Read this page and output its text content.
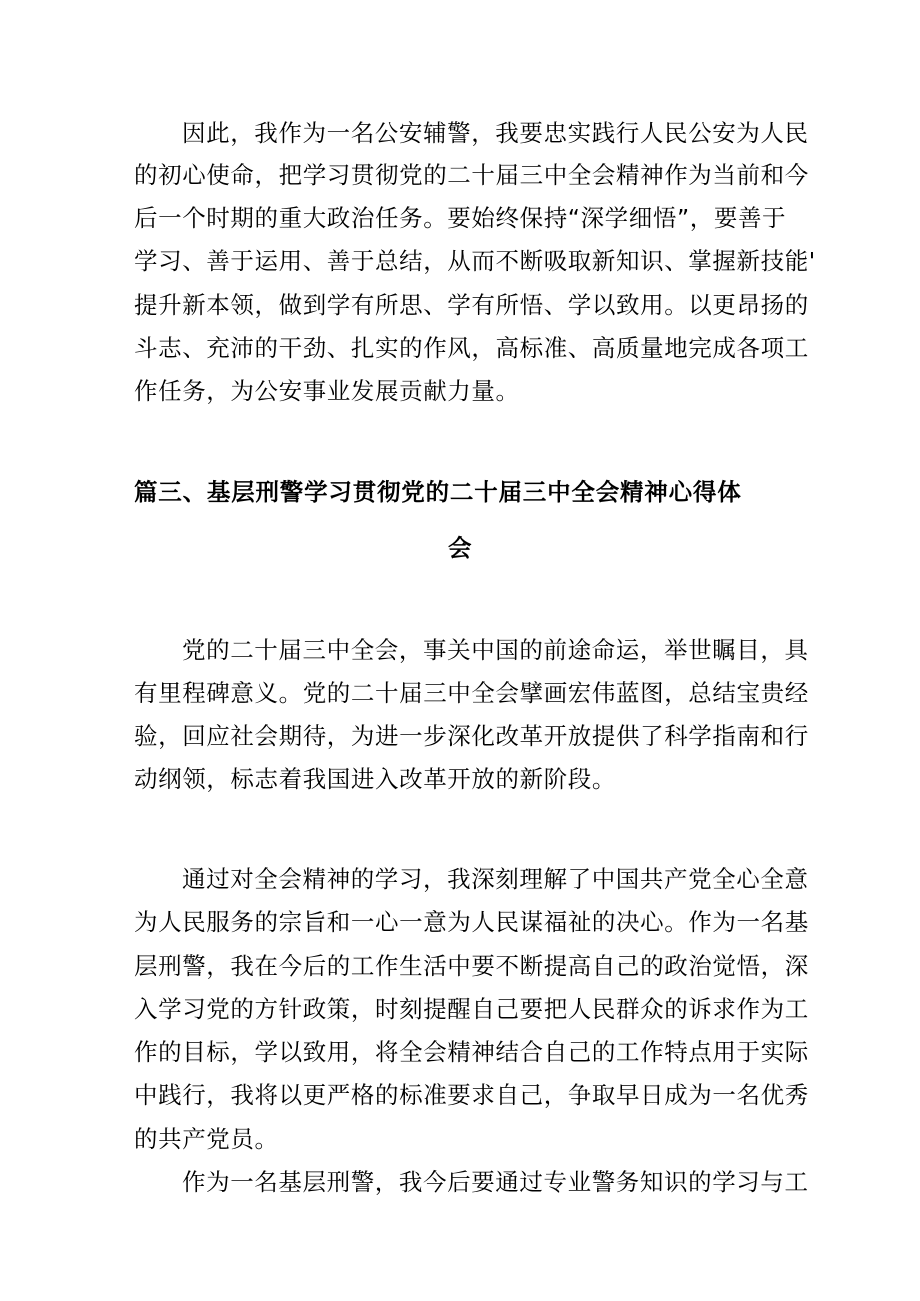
因此，我作为一名公安辅警，我要忠实践行人民公安为人民

的初心使命，把学习贯彻党的二十届三中全会精神作为当前和今

后一个时期的重大政治任务。要始终保持“深学细悟”，要善于

学习、善于运用、善于总结，从而不断吸取新知识、掌握新技能'

提升新本领，做到学有所思、学有所悟、学以致用。以更昂扬的

斗志、充沛的干劲、扎实的作风，高标准、高质量地完成各项工

作任务，为公安事业发展贡献力量。

篇三、基层刑警学习贯彻党的二十届三中全会精神心得体

会

党的二十届三中全会，事关中国的前途命运，举世瞩目，具

有里程碑意义。党的二十届三中全会擘画宏伟蓝图，总结宝贵经

验，回应社会期待，为进一步深化改革开放提供了科学指南和行

动纲领，标志着我国进入改革开放的新阶段。

通过对全会精神的学习，我深刻理解了中国共产党全心全意

为人民服务的宗旨和一心一意为人民谋福祉的决心。作为一名基

层刑警，我在今后的工作生活中要不断提高自己的政治觉悟，深

入学习党的方针政策，时刻提醒自己要把人民群众的诉求作为工

作的目标，学以致用，将全会精神结合自己的工作特点用于实际

中践行，我将以更严格的标准要求自己，争取早日成为一名优秀

的共产党员。

作为一名基层刑警，我今后要通过专业警务知识的学习与工
